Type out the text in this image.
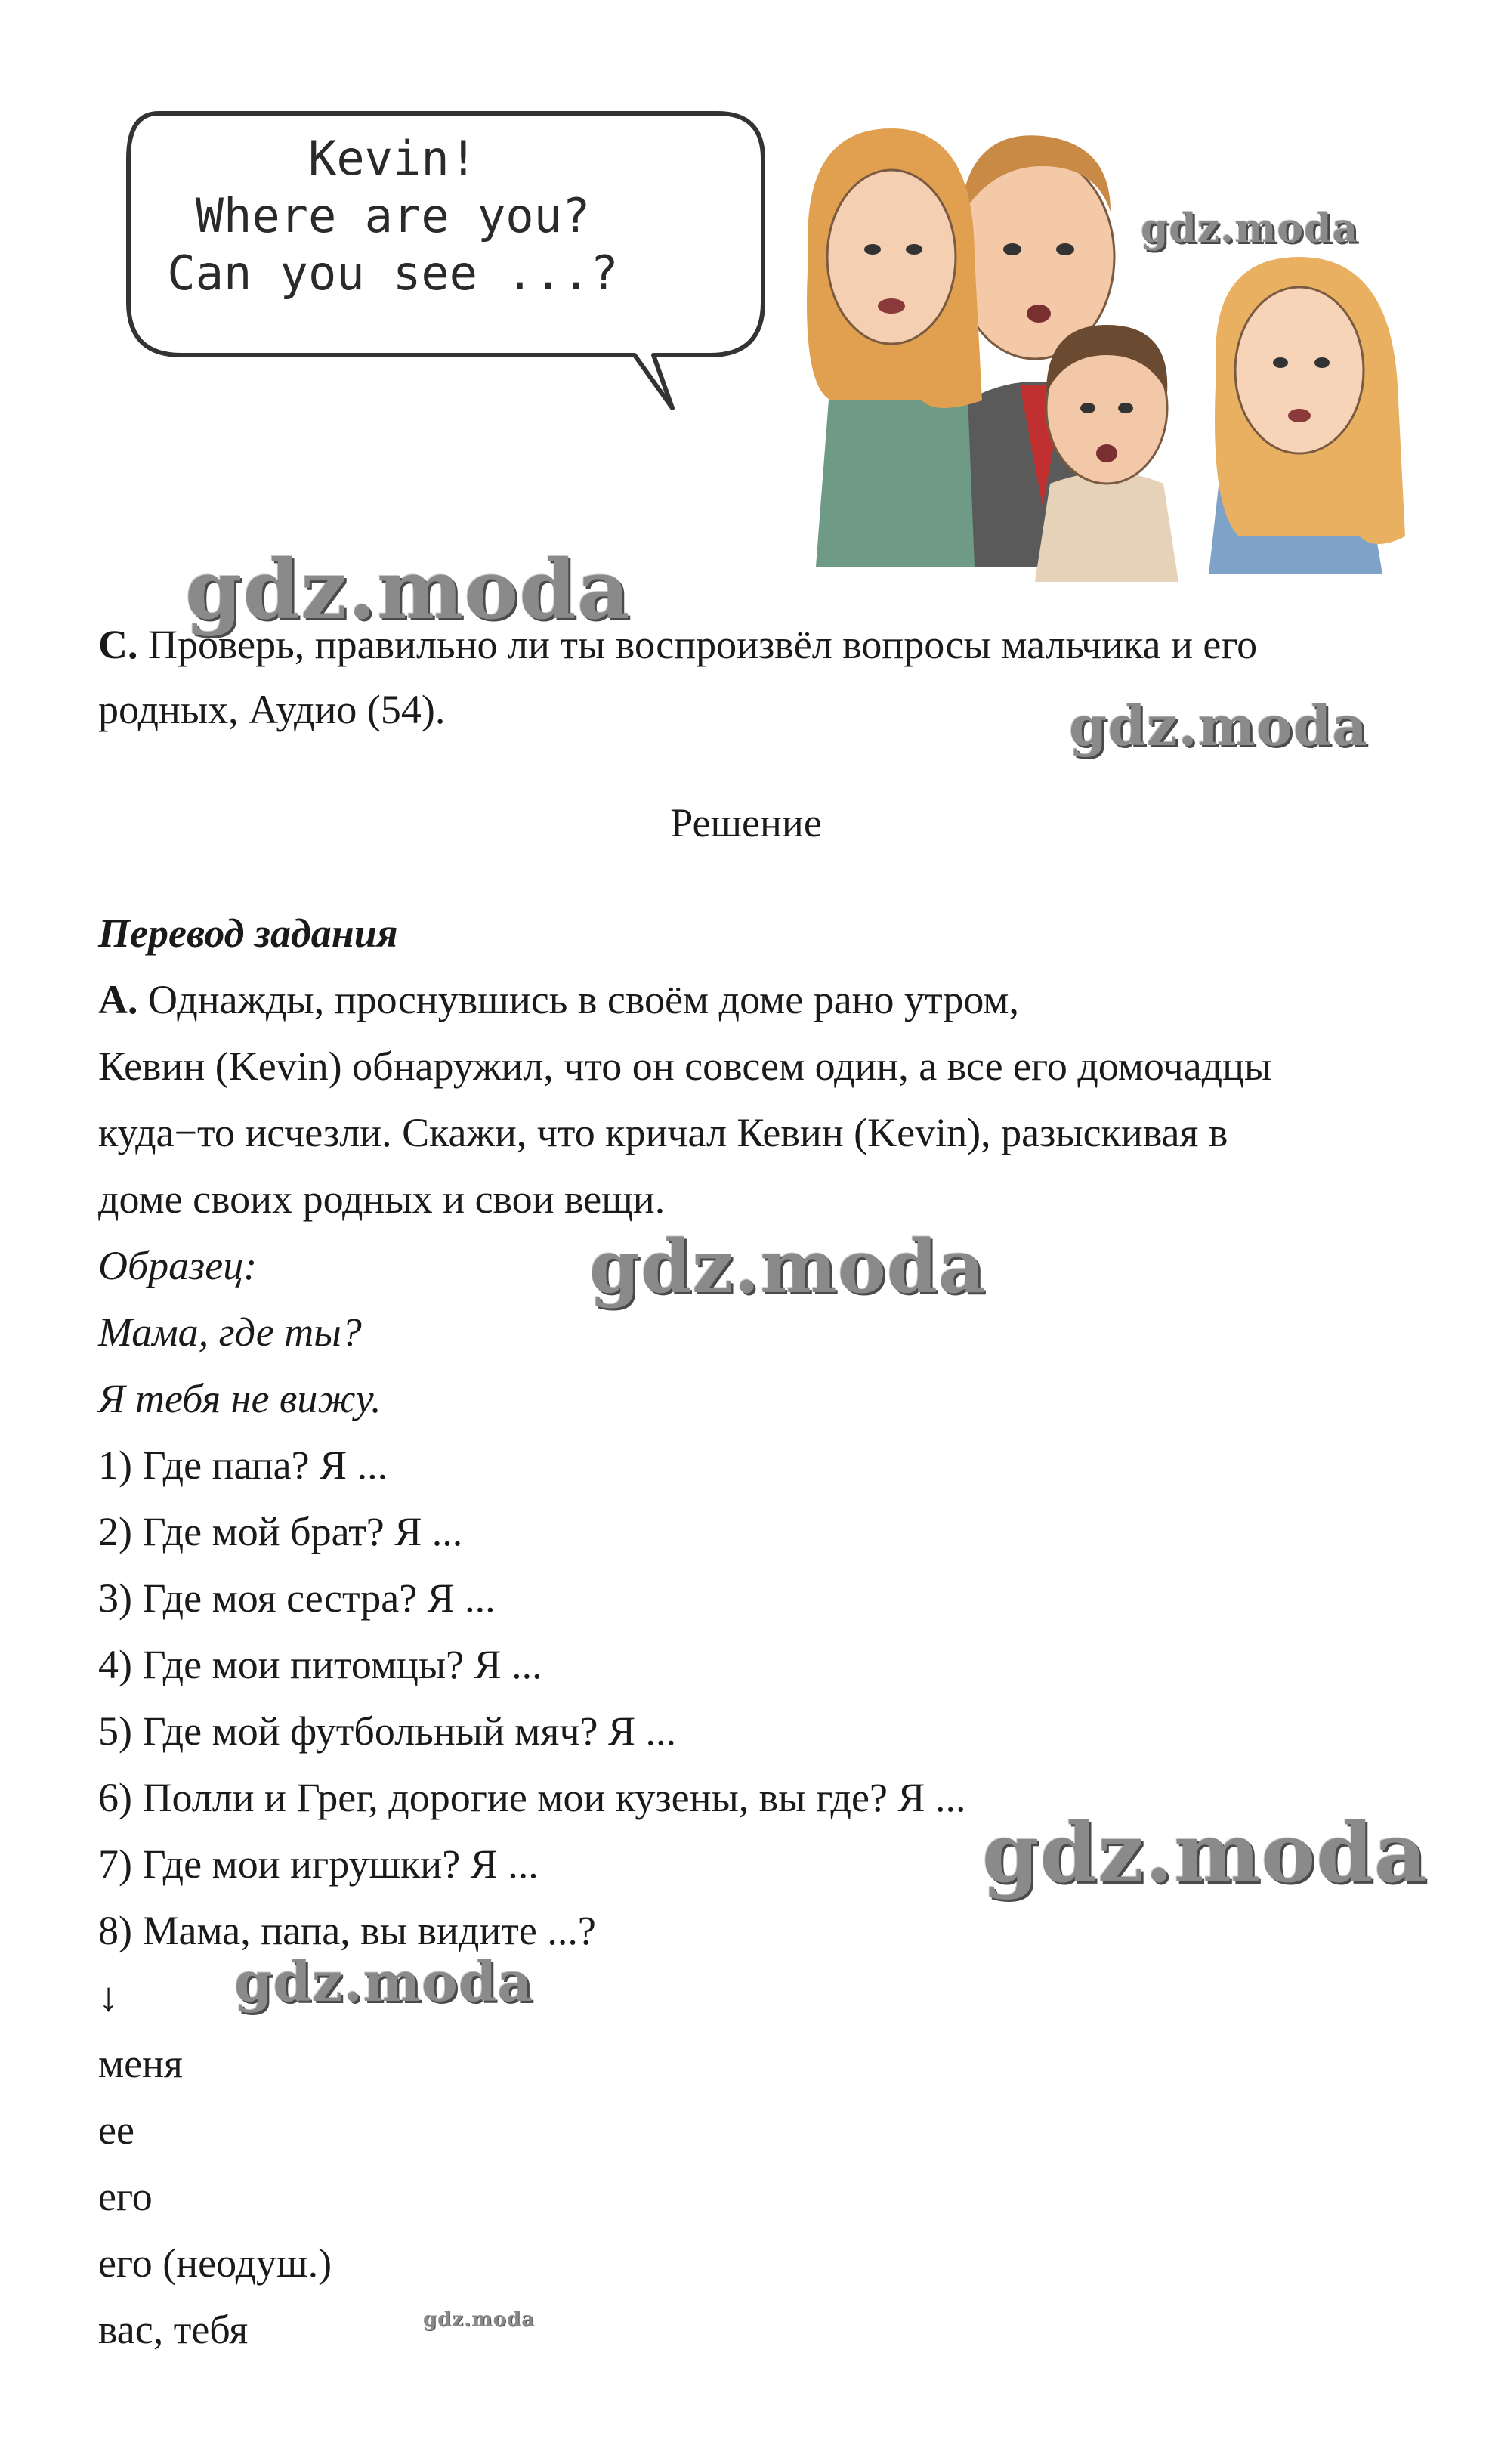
Kevin!
Where are you?
Can you see ...?
gdz.moda
gdz.moda
gdz.moda
gdz.moda
gdz.moda
gdz.moda
gdz.moda
C. Проверь, правильно ли ты воспроизвёл вопросы мальчика и его
родных, Аудио (54).
Решение
Перевод задания
A. Однажды, проснувшись в своём доме рано утром,
Кевин (Kevin) обнаружил, что он совсем один, а все его домочадцы
куда−то исчезли. Скажи, что кричал Кевин (Kevin), разыскивая в
доме своих родных и свои вещи.
Образец:
Мама, где ты?
Я тебя не вижу.
1) Где папа? Я ...
2) Где мой брат? Я ...
3) Где моя сестра? Я ...
4) Где мои питомцы? Я ...
5) Где мой футбольный мяч? Я ...
6) Полли и Грег, дорогие мои кузены, вы где? Я ...
7) Где мои игрушки? Я ...
8) Мама, папа, вы видите ...?
↓
меня
ее
его
его (неодуш.)
вас, тебя
